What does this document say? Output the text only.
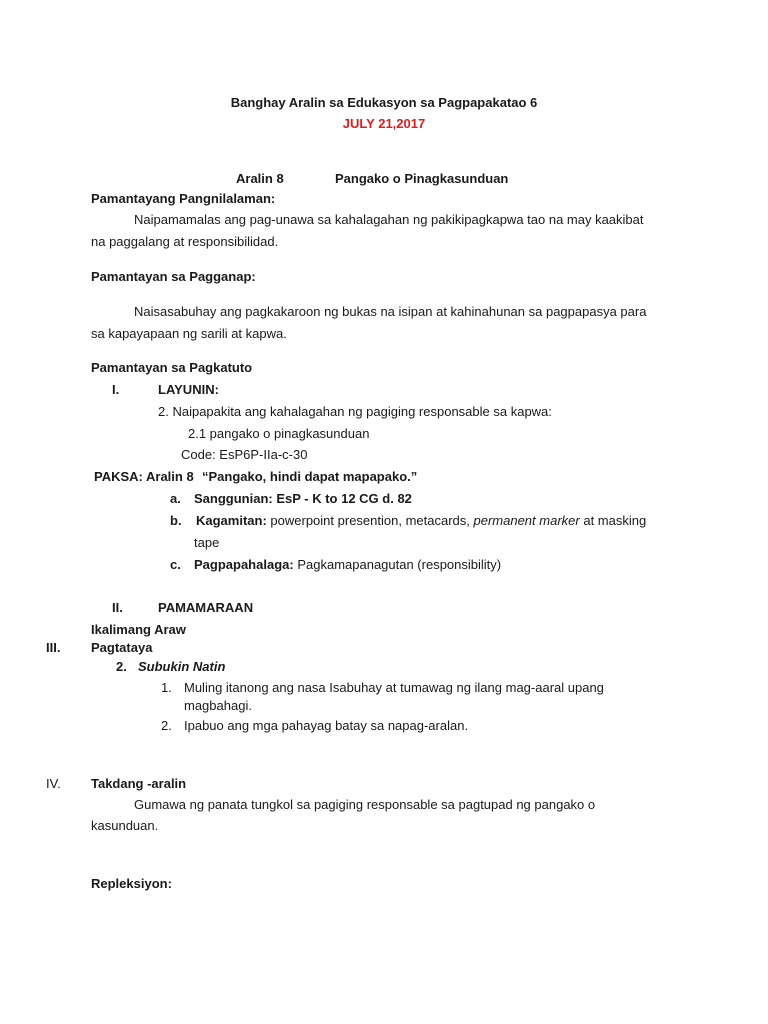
Banghay Aralin sa Edukasyon sa Pagpapakatao 6
JULY 21,2017
Aralin 8	Pangako o Pinagkasunduan
Pamantayang Pangnilalaman:
Naipamamalas ang pag-unawa sa kahalagahan ng pakikipagkapwa tao na may kaakibat
na paggalang at responsibilidad.
Pamantayan sa Pagganap:
Naisasabuhay ang pagkakaroon ng bukas na isipan at kahinahunan sa pagpapasya para
sa kapayapaan ng sarili at kapwa.
Pamantayan sa Pagkatuto
I.	LAYUNIN:
2. Naipapakita ang kahalagahan ng pagiging responsable sa kapwa:
2.1 pangako o pinagkasunduan
Code: EsP6P-IIa-c-30
PAKSA: Aralin 8 “Pangako, hindi dapat mapapako.”
a. Sanggunian: EsP - K to 12 CG d. 82
b. Kagamitan: powerpoint presention, metacards, permanent marker at masking
tape
c. Pagpapahalaga: Pagkamapanagutan (responsibility)
II.	PAMAMARAAN
Ikalimang Araw
III. Pagtataya
2. Subukin Natin
1. Muling itanong ang nasa Isabuhay at tumawag ng ilang mag-aaral upang
magbahagi.
2. Ipabuo ang mga pahayag batay sa napag-aralan.
IV. Takdang -aralin
Gumawa ng panata tungkol sa pagiging responsable sa pagtupad ng pangako o
kasunduan.
Repleksiyon:
